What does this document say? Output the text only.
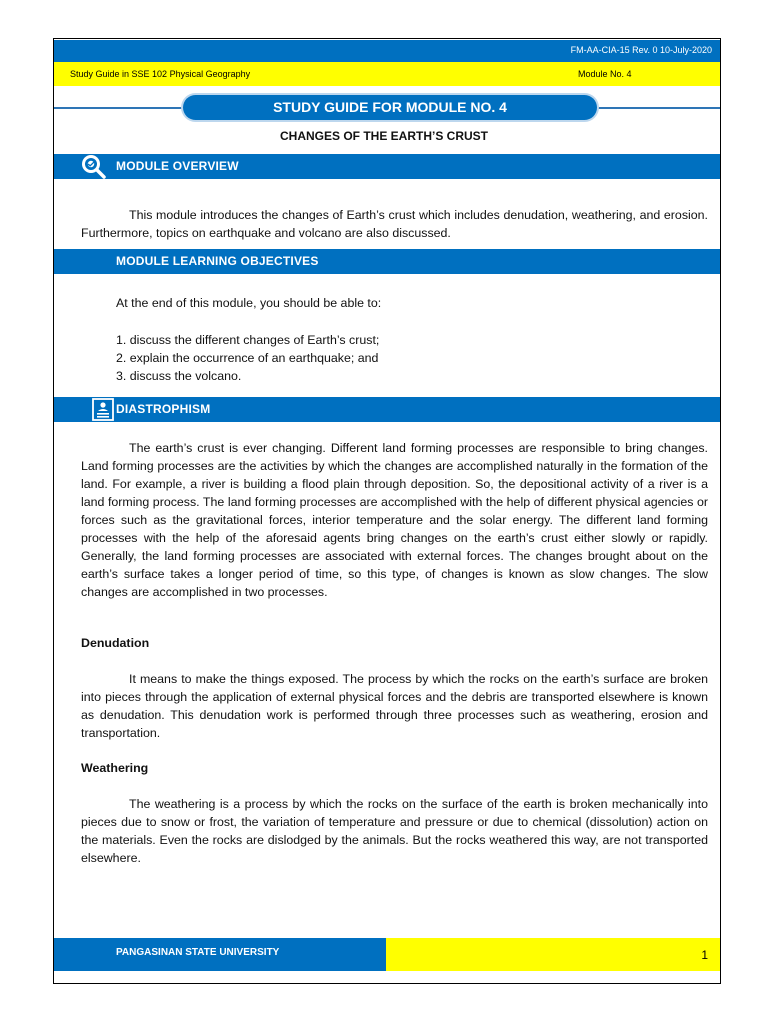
FM-AA-CIA-15 Rev. 0 10-July-2020
Study Guide in SSE 102 Physical Geography	Module No. 4
STUDY GUIDE FOR MODULE NO. 4
CHANGES OF THE EARTH’S CRUST
MODULE OVERVIEW

This module introduces the changes of Earth’s crust which includes denudation, weathering, and erosion. Furthermore, topics on earthquake and volcano are also discussed.

MODULE LEARNING OBJECTIVES

At the end of this module, you should be able to:

1. discuss the different changes of Earth’s crust;

2. explain the occurrence of an earthquake; and

3. discuss the volcano.

DIASTROPHISM

The earth’s crust is ever changing. Different land forming processes are responsible to bring changes. Land forming processes are the activities by which the changes are accomplished naturally in the formation of the land. For example, a river is building a flood plain through deposition. So, the depositional activity of a river is a land forming process. The land forming processes are accomplished with the help of different physical agencies or forces such as the gravitational forces, interior temperature and the solar energy. The different land forming processes with the help of the aforesaid agents bring changes on the earth’s crust either slowly or rapidly. Generally, the land forming processes are associated with external forces. The changes brought about on the earth’s surface takes a longer period of time, so this type, of changes is known as slow changes. The slow changes are accomplished in two processes.

Denudation

It means to make the things exposed. The process by which the rocks on the earth’s surface are broken into pieces through the application of external physical forces and the debris are transported elsewhere is known as denudation. This denudation work is performed through three processes such as weathering, erosion and transportation.

Weathering

The weathering is a process by which the rocks on the surface of the earth is broken mechanically into pieces due to snow or frost, the variation of temperature and pressure or due to chemical (dissolution) action on the materials. Even the rocks are dislodged by the animals. But the rocks weathered this way, are not transported elsewhere.

PANGASINAN STATE UNIVERSITY	1
